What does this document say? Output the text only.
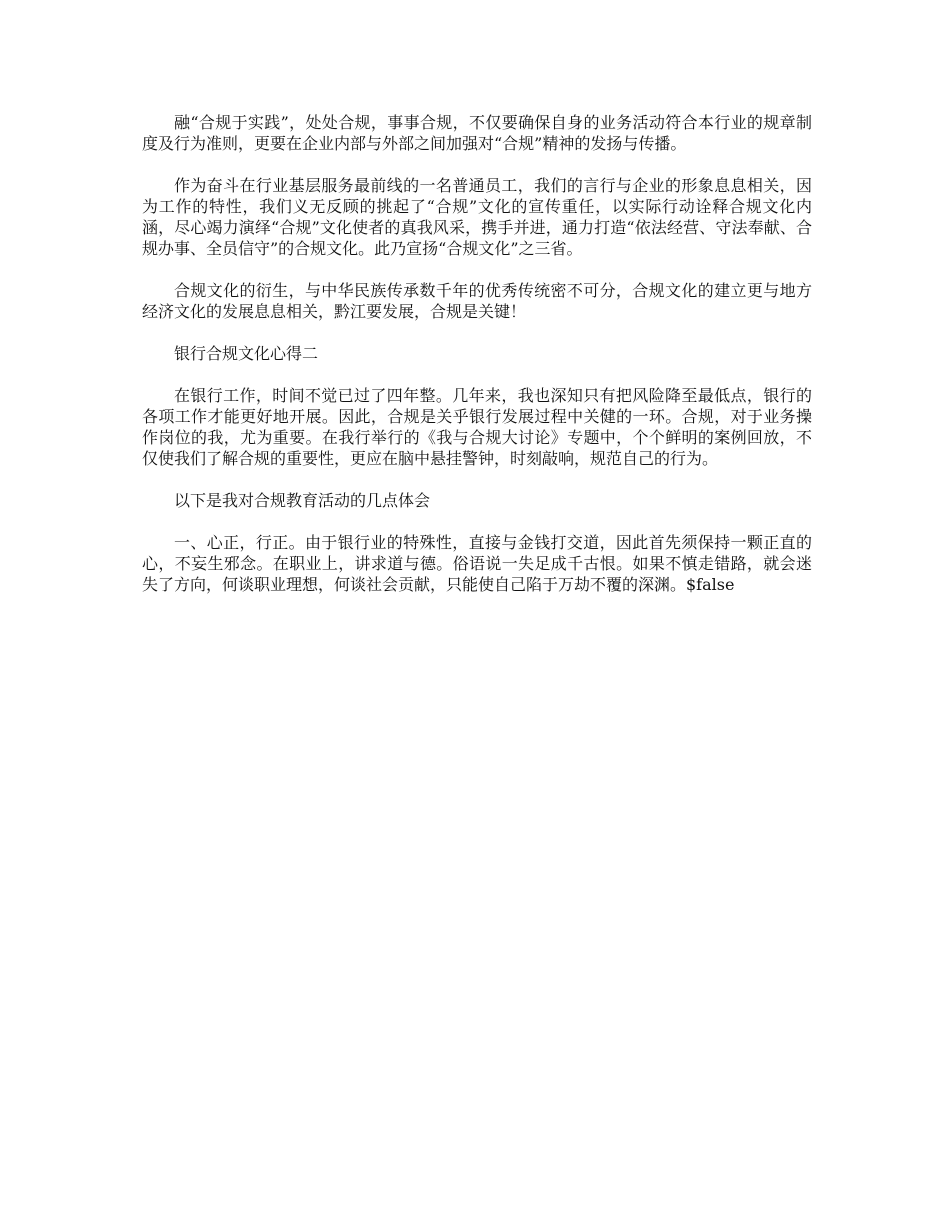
融“合规于实践”，处处合规，事事合规，不仅要确保自身的业务活动符合本行业的规章制度及行为准则，更要在企业内部与外部之间加强对“合规”精神的发扬与传播。

作为奋斗在行业基层服务最前线的一名普通员工，我们的言行与企业的形象息息相关，因为工作的特性，我们义无反顾的挑起了“合规”文化的宣传重任，以实际行动诠释合规文化内涵，尽心竭力演绎“合规”文化使者的真我风采，携手并进，通力打造“依法经营、守法奉献、合规办事、全员信守”的合规文化。此乃宣扬“合规文化”之三省。

合规文化的衍生，与中华民族传承数千年的优秀传统密不可分，合规文化的建立更与地方经济文化的发展息息相关，黔江要发展，合规是关键！

银行合规文化心得二

在银行工作，时间不觉已过了四年整。几年来，我也深知只有把风险降至最低点，银行的各项工作才能更好地开展。因此，合规是关乎银行发展过程中关健的一环。合规，对于业务操作岗位的我，尤为重要。在我行举行的《我与合规大讨论》专题中，个个鲜明的案例回放，不仅使我们了解合规的重要性，更应在脑中悬挂警钟，时刻敲响，规范自己的行为。

以下是我对合规教育活动的几点体会

一、心正，行正。由于银行业的特殊性，直接与金钱打交道，因此首先须保持一颗正直的心，不妄生邪念。在职业上，讲求道与德。俗语说一失足成千古恨。如果不慎走错路，就会迷失了方向，何谈职业理想，何谈社会贡献，只能使自己陷于万劫不覆的深渊。$false
